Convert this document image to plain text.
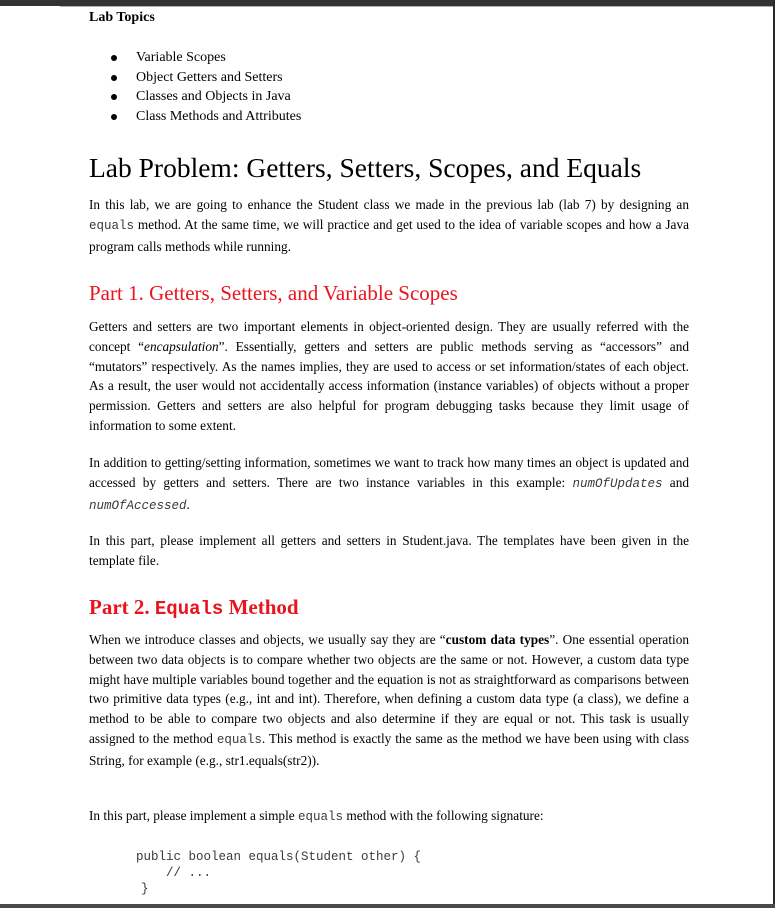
Lab Topics
Variable Scopes
Object Getters and Setters
Classes and Objects in Java
Class Methods and Attributes
Lab Problem: Getters, Setters, Scopes, and Equals

In this lab, we are going to enhance the Student class we made in the previous lab (lab 7) by designing an equals method. At the same time, we will practice and get used to the idea of variable scopes and how a Java program calls methods while running.

Part 1. Getters, Setters, and Variable Scopes

Getters and setters are two important elements in object-oriented design. They are usually referred with the concept “encapsulation”. Essentially, getters and setters are public methods serving as “accessors” and “mutators” respectively. As the names implies, they are used to access or set information/states of each object. As a result, the user would not accidentally access information (instance variables) of objects without a proper permission. Getters and setters are also helpful for program debugging tasks because they limit usage of information to some extent.

In addition to getting/setting information, sometimes we want to track how many times an object is updated and accessed by getters and setters. There are two instance variables in this example: numOfUpdates and numOfAccessed.

In this part, please implement all getters and setters in Student.java. The templates have been given in the template file.

Part 2. Equals Method

When we introduce classes and objects, we usually say they are “custom data types”. One essential operation between two data objects is to compare whether two objects are the same or not. However, a custom data type might have multiple variables bound together and the equation is not as straightforward as comparisons between two primitive data types (e.g., int and int). Therefore, when defining a custom data type (a class), we define a method to be able to compare two objects and also determine if they are equal or not. This task is usually assigned to the method equals. This method is exactly the same as the method we have been using with class String, for example (e.g., str1.equals(str2)).

In this part, please implement a simple equals method with the following signature:

public boolean equals(Student other) {
// ...
}
